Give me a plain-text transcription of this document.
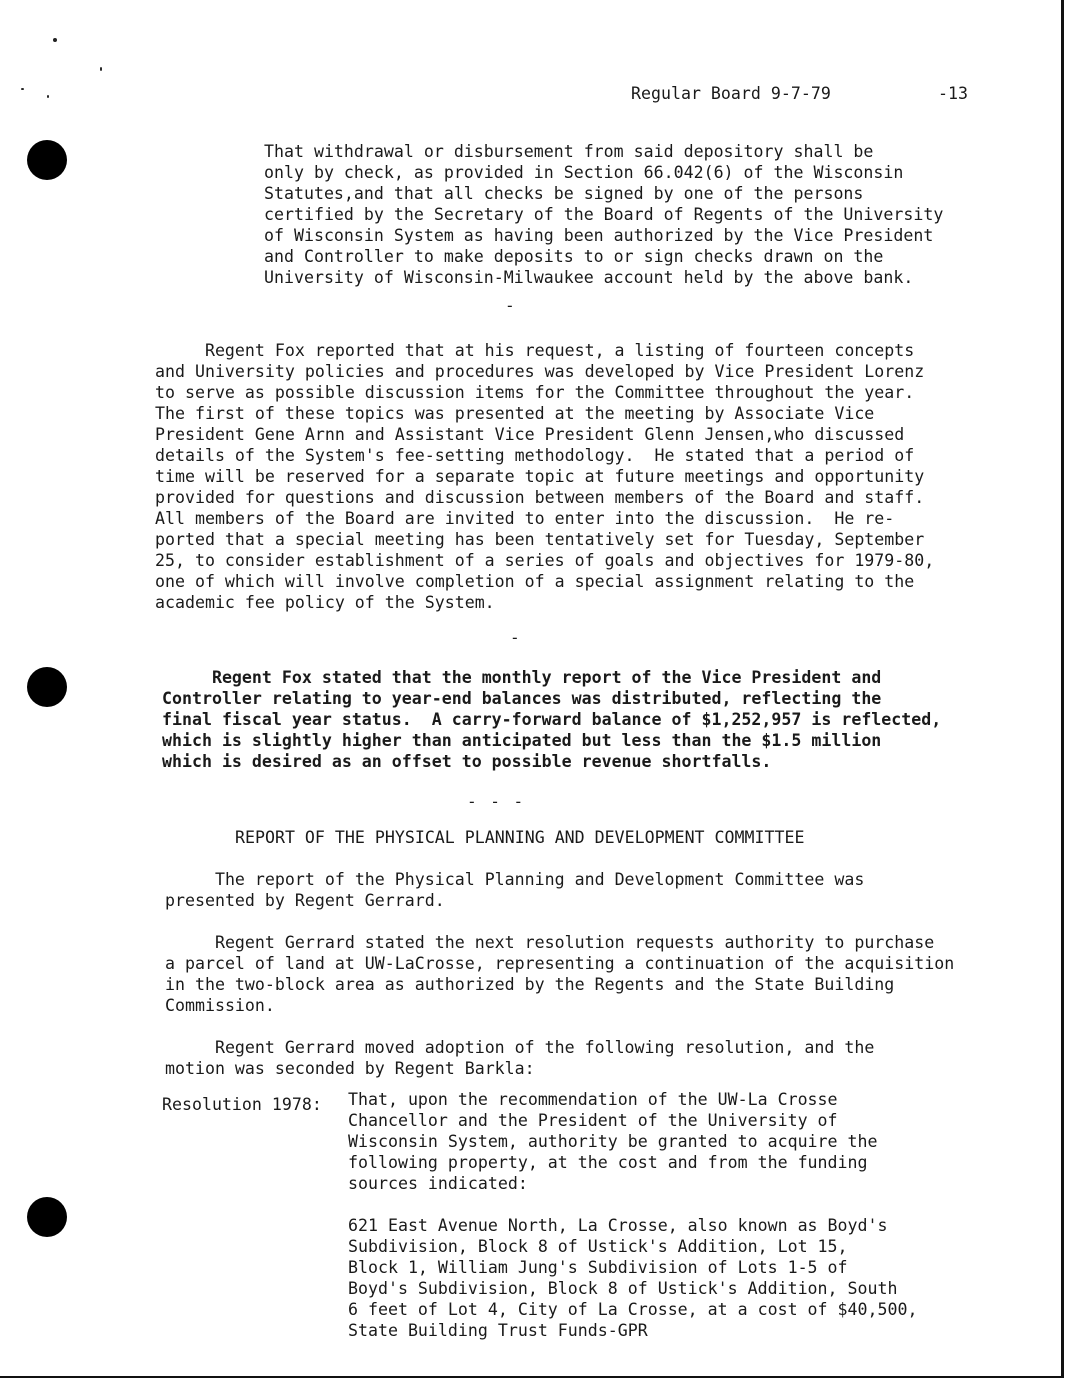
Regular Board 9-7-79	-13
That withdrawal or disbursement from said depository shall be
only by check, as provided in Section 66.042(6) of the Wisconsin
Statutes,and that all checks be signed by one of the persons
certified by the Secretary of the Board of Regents of the University
of Wisconsin System as having been authorized by the Vice President
and Controller to make deposits to or sign checks drawn on the
University of Wisconsin-Milwaukee account held by the above bank.
-
Regent Fox reported that at his request, a listing of fourteen concepts
and University policies and procedures was developed by Vice President Lorenz
to serve as possible discussion items for the Committee throughout the year.
The first of these topics was presented at the meeting by Associate Vice
President Gene Arnn and Assistant Vice President Glenn Jensen,who discussed
details of the System's fee-setting methodology.  He stated that a period of
time will be reserved for a separate topic at future meetings and opportunity
provided for questions and discussion between members of the Board and staff.
All members of the Board are invited to enter into the discussion.  He re-
ported that a special meeting has been tentatively set for Tuesday, September
25, to consider establishment of a series of goals and objectives for 1979-80,
one of which will involve completion of a special assignment relating to the
academic fee policy of the System.
-
Regent Fox stated that the monthly report of the Vice President and
Controller relating to year-end balances was distributed, reflecting the
final fiscal year status.  A carry-forward balance of $1,252,957 is reflected,
which is slightly higher than anticipated but less than the $1.5 million
which is desired as an offset to possible revenue shortfalls.
- - -
REPORT OF THE PHYSICAL PLANNING AND DEVELOPMENT COMMITTEE
The report of the Physical Planning and Development Committee was
presented by Regent Gerrard.
Regent Gerrard stated the next resolution requests authority to purchase
a parcel of land at UW-LaCrosse, representing a continuation of the acquisition
in the two-block area as authorized by the Regents and the State Building
Commission.
Regent Gerrard moved adoption of the following resolution, and the
motion was seconded by Regent Barkla:
Resolution 1978: That, upon the recommendation of the UW-La Crosse
Chancellor and the President of the University of
Wisconsin System, authority be granted to acquire the
following property, at the cost and from the funding
sources indicated:
621 East Avenue North, La Crosse, also known as Boyd's
Subdivision, Block 8 of Ustick's Addition, Lot 15,
Block 1, William Jung's Subdivision of Lots 1-5 of
Boyd's Subdivision, Block 8 of Ustick's Addition, South
6 feet of Lot 4, City of La Crosse, at a cost of $40,500,
State Building Trust Funds-GPR
